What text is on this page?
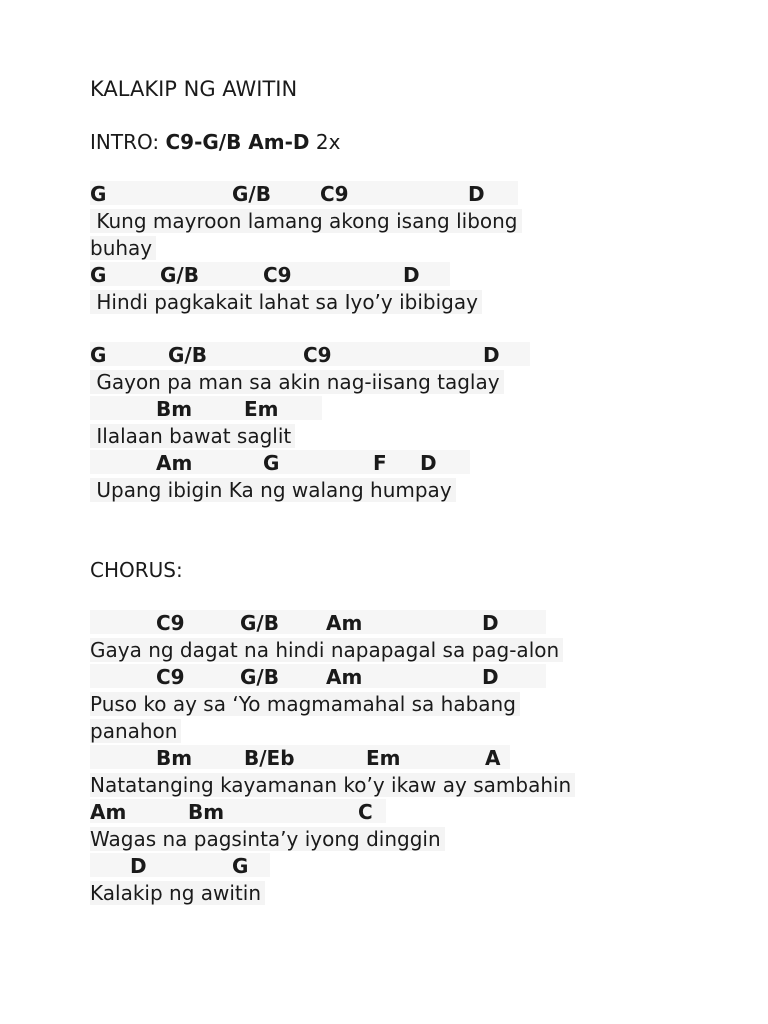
KALAKIP NG AWITIN
INTRO: C9-G/B Am-D 2x

G

	G/B

C9

	D

Kung mayroon lamang akong isang libong
buhay

G

	G/B

	C9

	D

Hindi pagkakait lahat sa Iyo’y ibibigay

G

	G/B

	C9

	D

Gayon pa man sa akin nag-iisang taglay

Bm

	Em

Ilalaan bawat saglit

Am

	G

	F

D

Upang ibigin Ka ng walang humpay
CHORUS:

C9

	G/B

Am

	D

Gaya ng dagat na hindi napapagal sa pag-alon

C9

	G/B

Am

	D

Puso ko ay sa ‘Yo magmamahal sa habang
panahon

Bm

	B/Eb

	Em

	A

Natatanging kayamanan ko’y ikaw ay sambahin

Am

	Bm

	C

Wagas na pagsinta’y iyong dinggin

D

	G

Kalakip ng awitin
